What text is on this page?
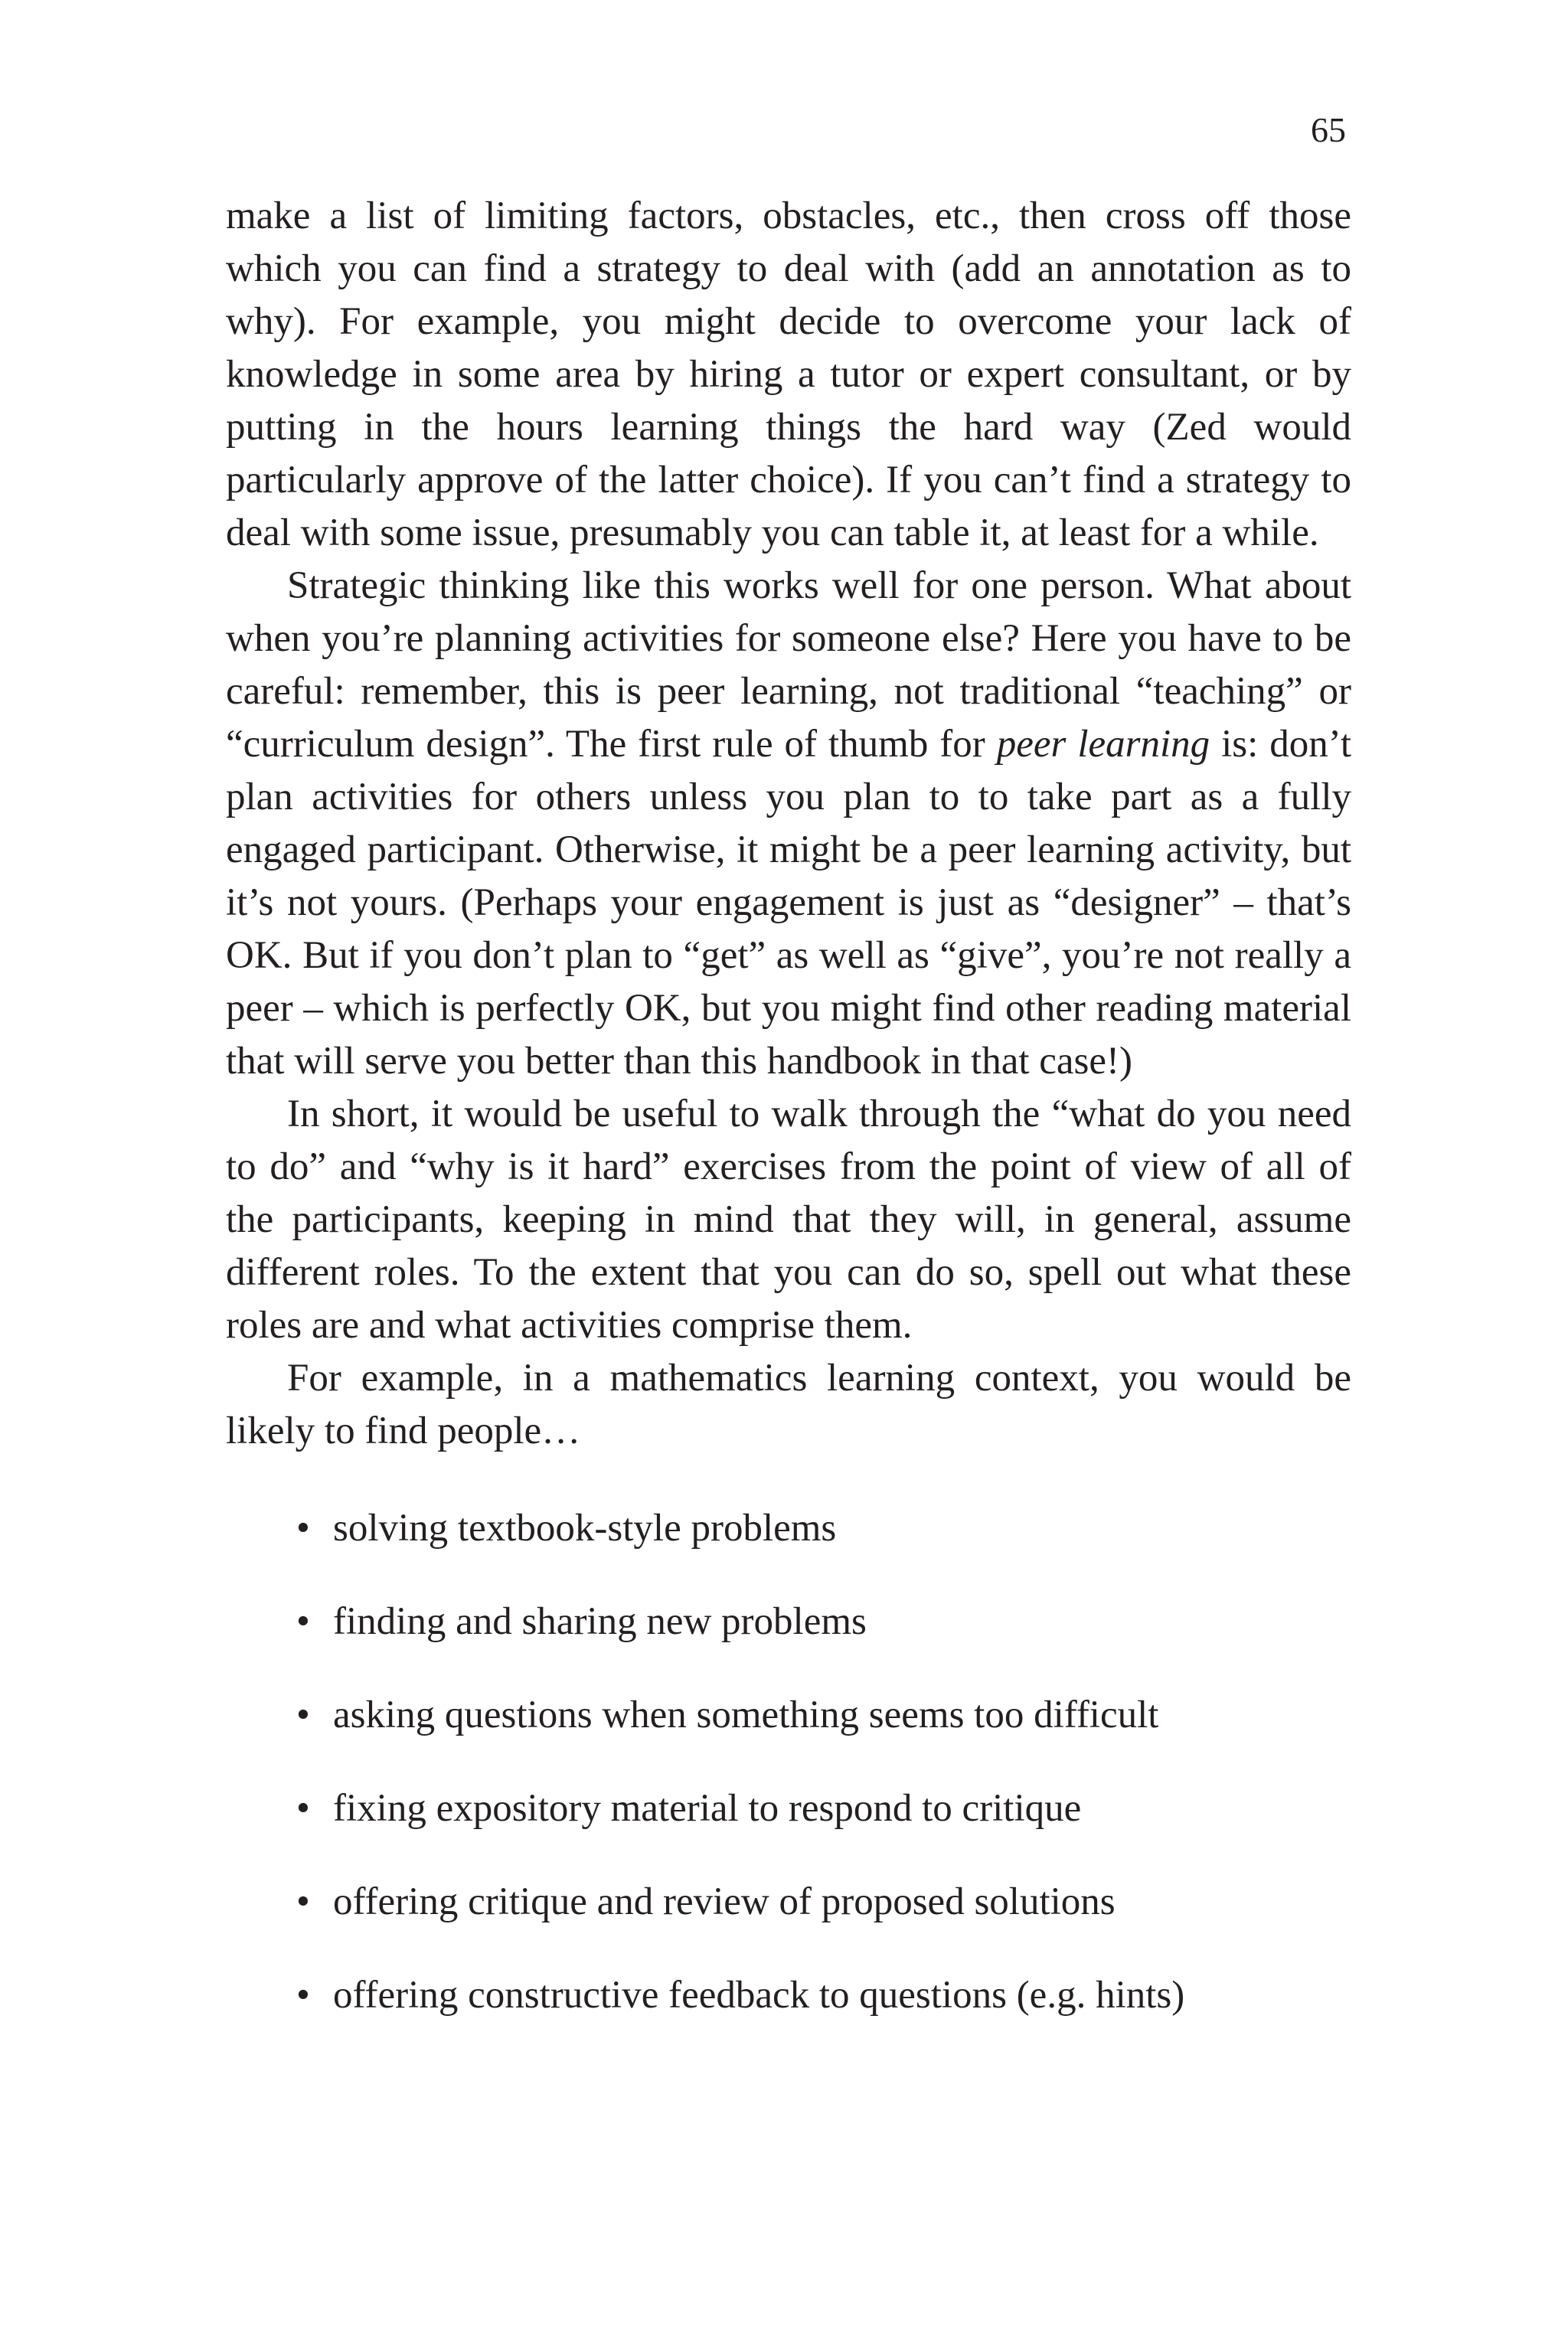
65

make a list of limiting factors, obstacles, etc., then cross off those which you can find a strategy to deal with (add an annotation as to why). For example, you might decide to overcome your lack of knowledge in some area by hiring a tutor or expert consultant, or by putting in the hours learning things the hard way (Zed would particularly approve of the latter choice). If you can’t find a strategy to deal with some issue, presumably you can table it, at least for a while.

Strategic thinking like this works well for one person. What about when you’re planning activities for someone else? Here you have to be careful: remember, this is peer learning, not traditional “teaching” or “curriculum design”. The first rule of thumb for peer learning is: don’t plan activities for others unless you plan to to take part as a fully engaged participant. Otherwise, it might be a peer learning activity, but it’s not yours. (Perhaps your engagement is just as “designer” – that’s OK. But if you don’t plan to “get” as well as “give”, you’re not really a peer – which is perfectly OK, but you might find other reading material that will serve you better than this handbook in that case!)

In short, it would be useful to walk through the “what do you need to do” and “why is it hard” exercises from the point of view of all of the participants, keeping in mind that they will, in general, assume different roles. To the extent that you can do so, spell out what these roles are and what activities comprise them.

For example, in a mathematics learning context, you would be likely to find people…

• solving textbook-style problems
• finding and sharing new problems
• asking questions when something seems too difficult
• fixing expository material to respond to critique
• offering critique and review of proposed solutions
• offering constructive feedback to questions (e.g. hints)
